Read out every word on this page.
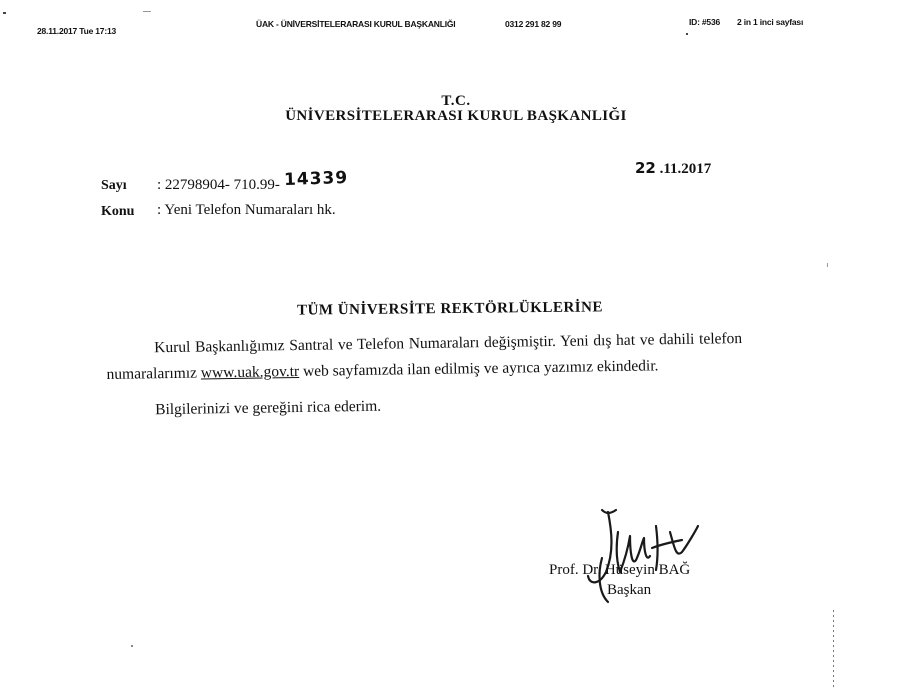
28.11.2017 Tue 17:13
ÜAK - ÜNİVERSİTELERARASI KURUL BAŞKANLIĞI	0312 291 82 99	ID: #536 2 in 1 inci sayfası
T.C.
ÜNİVERSİTELERARASI KURUL BAŞKANLIĞI
Sayı : 22798904- 710.99- 14339	22 .11.2017
Konu : Yeni Telefon Numaraları hk.
TÜM ÜNİVERSİTE REKTÖRLÜKLERİNE

Kurul Başkanlığımız Santral ve Telefon Numaraları değişmiştir. Yeni dış hat ve dahili telefon numaralarımız www.uak.gov.tr web sayfamızda ilan edilmiş ve ayrıca yazımız ekindedir.

Bilgilerinizi ve gereğini rica ederim.

Prof. Dr. Hüseyin BAĞ
Başkan
